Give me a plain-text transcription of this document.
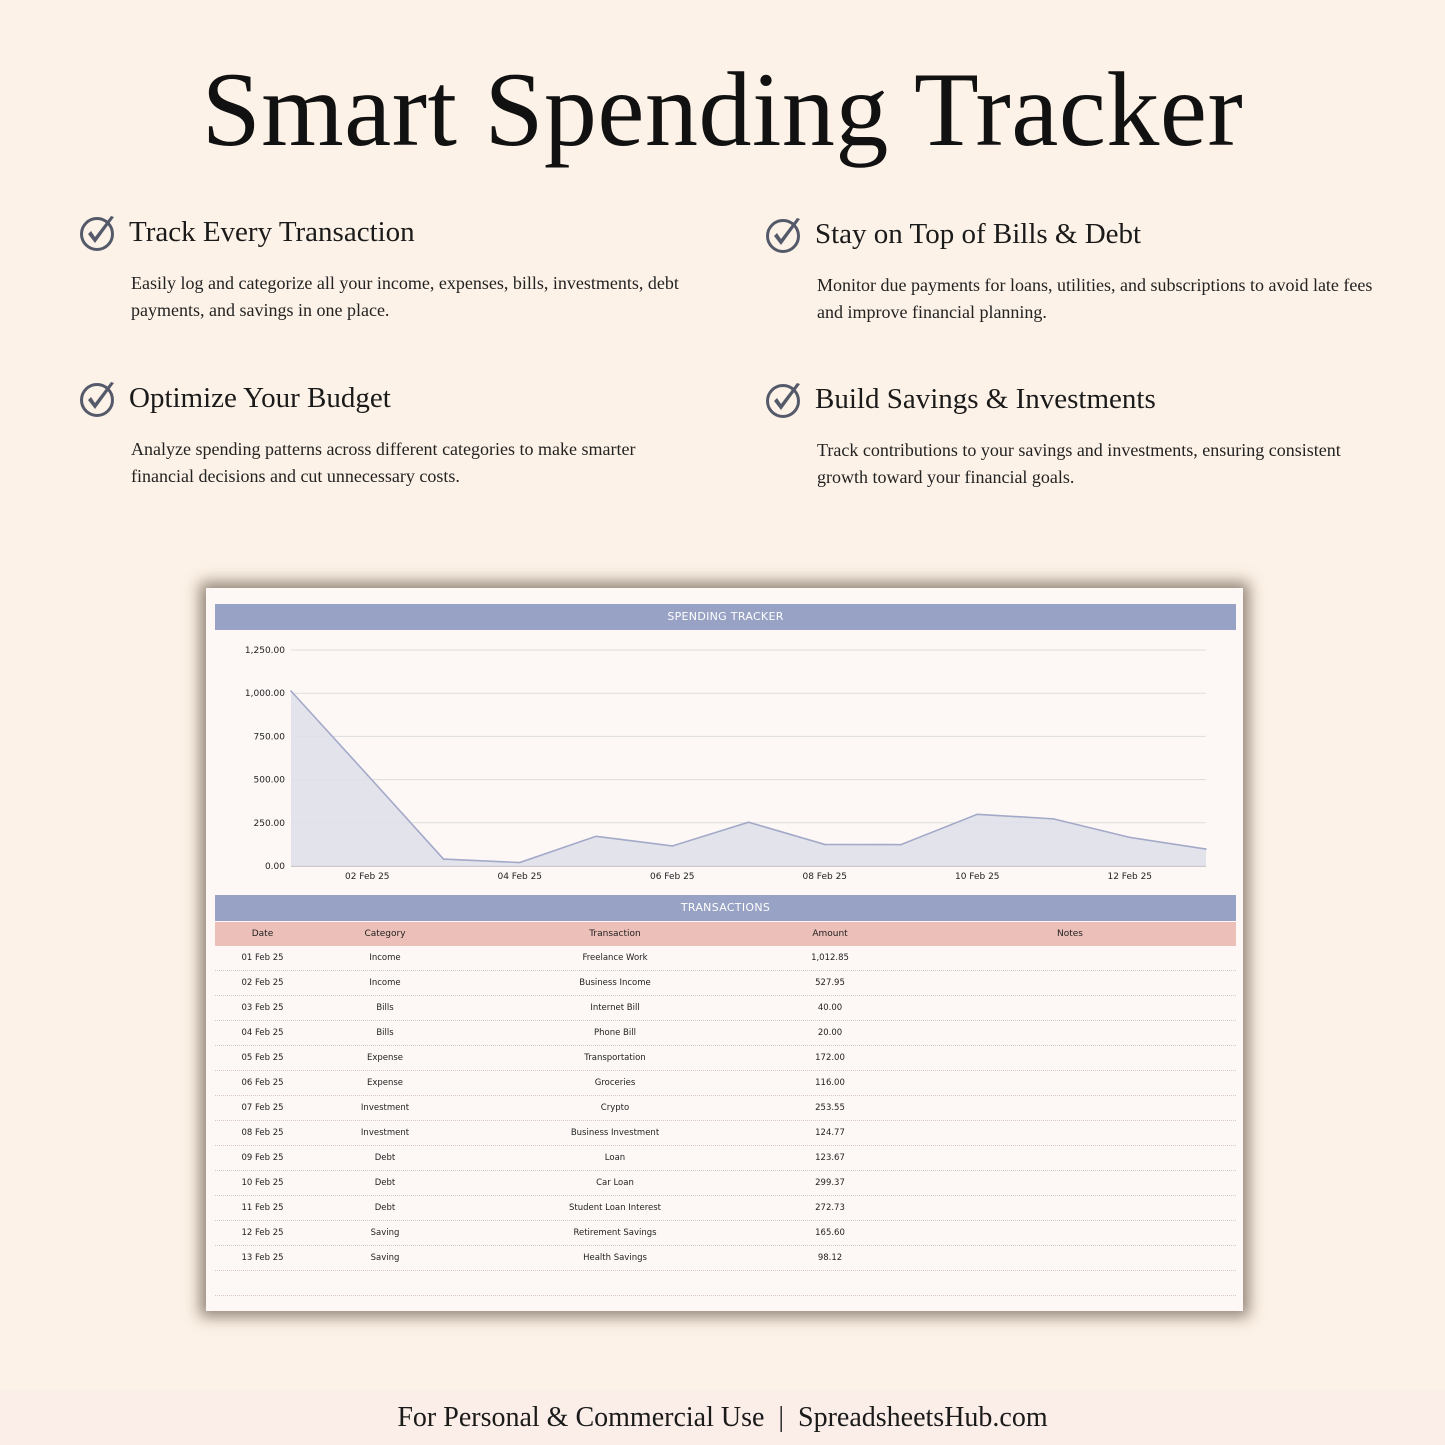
Smart Spending Tracker
Track Every Transaction
Easily log and categorize all your income, expenses, bills, investments, debt payments, and savings in one place.
Stay on Top of Bills & Debt
Monitor due payments for loans, utilities, and subscriptions to avoid late fees and improve financial planning.
Optimize Your Budget
Analyze spending patterns across different categories to make smarter financial decisions and cut unnecessary costs.
Build Savings & Investments
Track contributions to your savings and investments, ensuring consistent growth toward your financial goals.
SPENDING TRACKER
0.00
250.00
500.00
750.00
1,000.00
1,250.00
02 Feb 25	04 Feb 25	06 Feb 25	08 Feb 25	10 Feb 25	12 Feb 25
TRANSACTIONS
Date	Category	Transaction	Amount	Notes
01 Feb 25	Income	Freelance Work	1,012.85
02 Feb 25	Income	Business Income	527.95
03 Feb 25	Bills	Internet Bill	40.00
04 Feb 25	Bills	Phone Bill	20.00
05 Feb 25	Expense	Transportation	172.00
06 Feb 25	Expense	Groceries	116.00
07 Feb 25	Investment	Crypto	253.55
08 Feb 25	Investment	Business Investment	124.77
09 Feb 25	Debt	Loan	123.67
10 Feb 25	Debt	Car Loan	299.37
11 Feb 25	Debt	Student Loan Interest	272.73
12 Feb 25	Saving	Retirement Savings	165.60
13 Feb 25	Saving	Health Savings	98.12
For Personal & Commercial Use  |  SpreadsheetsHub.com
